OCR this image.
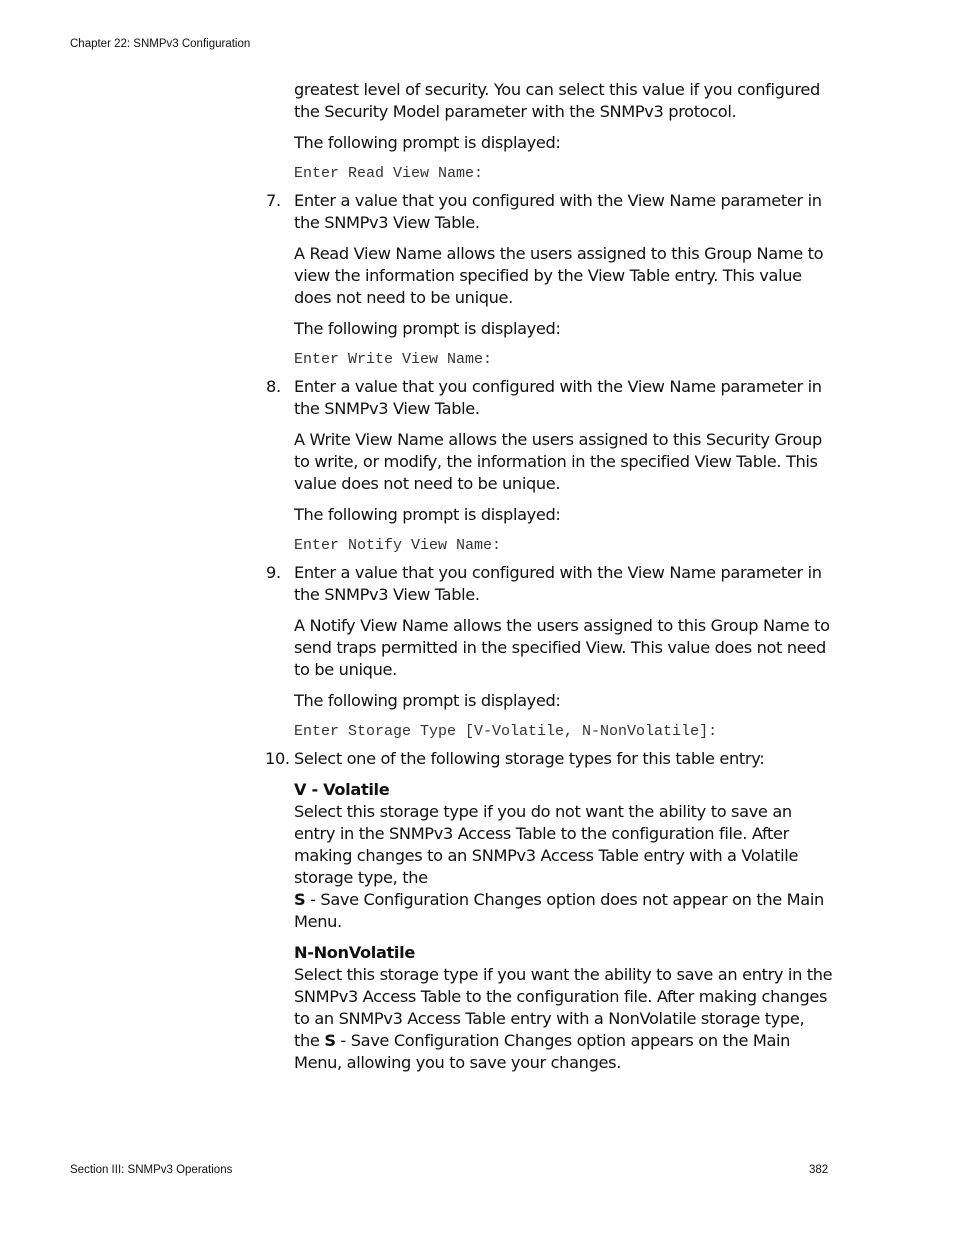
Chapter 22: SNMPv3 Configuration

greatest level of security. You can select this value if you configured the Security Model parameter with the SNMPv3 protocol.

The following prompt is displayed:

Enter Read View Name:

7. Enter a value that you configured with the View Name parameter in the SNMPv3 View Table.

A Read View Name allows the users assigned to this Group Name to view the information specified by the View Table entry. This value does not need to be unique.

The following prompt is displayed:

Enter Write View Name:

8. Enter a value that you configured with the View Name parameter in the SNMPv3 View Table.

A Write View Name allows the users assigned to this Security Group to write, or modify, the information in the specified View Table. This value does not need to be unique.

The following prompt is displayed:

Enter Notify View Name:

9. Enter a value that you configured with the View Name parameter in the SNMPv3 View Table.

A Notify View Name allows the users assigned to this Group Name to send traps permitted in the specified View. This value does not need to be unique.

The following prompt is displayed:

Enter Storage Type [V-Volatile, N-NonVolatile]:

10. Select one of the following storage types for this table entry:
V - Volatile
Select this storage type if you do not want the ability to save an entry in the SNMPv3 Access Table to the configuration file. After making changes to an SNMPv3 Access Table entry with a Volatile storage type, the
S - Save Configuration Changes option does not appear on the Main Menu.
N-NonVolatile
Select this storage type if you want the ability to save an entry in the SNMPv3 Access Table to the configuration file. After making changes to an SNMPv3 Access Table entry with a NonVolatile storage type, the S - Save Configuration Changes option appears on the Main Menu, allowing you to save your changes.
Section III: SNMPv3 Operations	382
